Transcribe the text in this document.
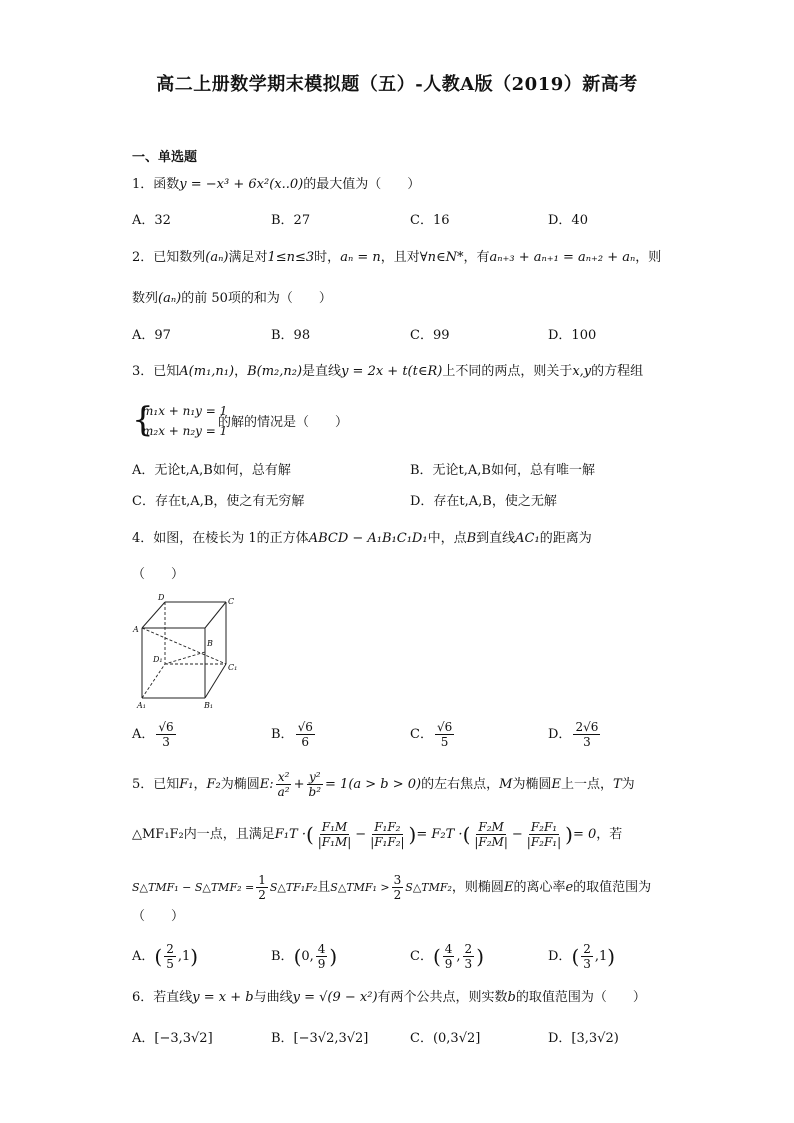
高二上册数学期末模拟题（五）-人教A版（2019）新高考
一、单选题
1．函数y = −x³ + 6x²(x..0)的最大值为（　　）
A．32	B．27	C．16	D．40
2．已知数列(aₙ)满足对1≤n≤3时，aₙ = n，且对∀n∈N*，有aₙ₊₃ + aₙ₊₁ = aₙ₊₂ + aₙ，则
数列(aₙ)的前 50项的和为（　　）
A．97	B．98	C．99	D．100
3．已知A(m₁,n₁)，B(m₂,n₂)是直线y = 2x + t(t∈R)上不同的两点，则关于x,y的方程组
{
m₁x + n₁y = 1
m₂x + n₂y = 1
的解的情况是（　　）
A．无论t,A,B如何，总有解	B．无论t,A,B如何，总有唯一解
C．存在t,A,B，使之有无穷解	D．存在t,A,B，使之无解
4．如图，在棱长为 1的正方体ABCD − A₁B₁C₁D₁中，点B到直线AC₁的距离为
（　　）
D	C
A
B
D₁
C₁
A₁	B₁
A． $\frac{√6}{3}$	B． $\frac{√6}{6}$	C． $\frac{√6}{5}$	D． $\frac{2√6}{3}$
5．已知F₁，F₂为椭圆E: $\frac{\text{x²}}{\text{a²}} + \frac{\text{y²}}{\text{b²}} = 1(a > b > 0)$的左右焦点，M为椭圆E上一点，T为
△MF₁F₂内一点，且满足F₁T ·( $\frac{\text{F₁M}}{\text{|F₁M|}} - \frac{\text{F₁F₂}}{\text{|F₁F₂|}}$ )= F₂T ·( $\frac{\text{F₂M}}{\text{|F₂M|}} - \frac{\text{F₂F₁}}{\text{|F₂F₁|}}$ )= 0，若
S△TMF₁ − S△TMF₂ = $\frac{1}{2}$ S△TF₁F₂且S△TMF₁ > $\frac{3}{2}$ S△TMF₂，则椭圆E的离心率e的取值范围为
（　　）
A．( $\frac{2}{5} ,1$)	B．(0, $\frac{4}{9}$ )	C．( $\frac{4}{9}$ , $\frac{2}{3}$ )	D．( $\frac{2}{3} ,1$)
6．若直线y = x + b与曲线y = √(9 − x²)有两个公共点，则实数b的取值范围为（　　）
A．[−3,3√2]	B．[−3√2,3√2]	C．(0,3√2]	D．[3,3√2)
